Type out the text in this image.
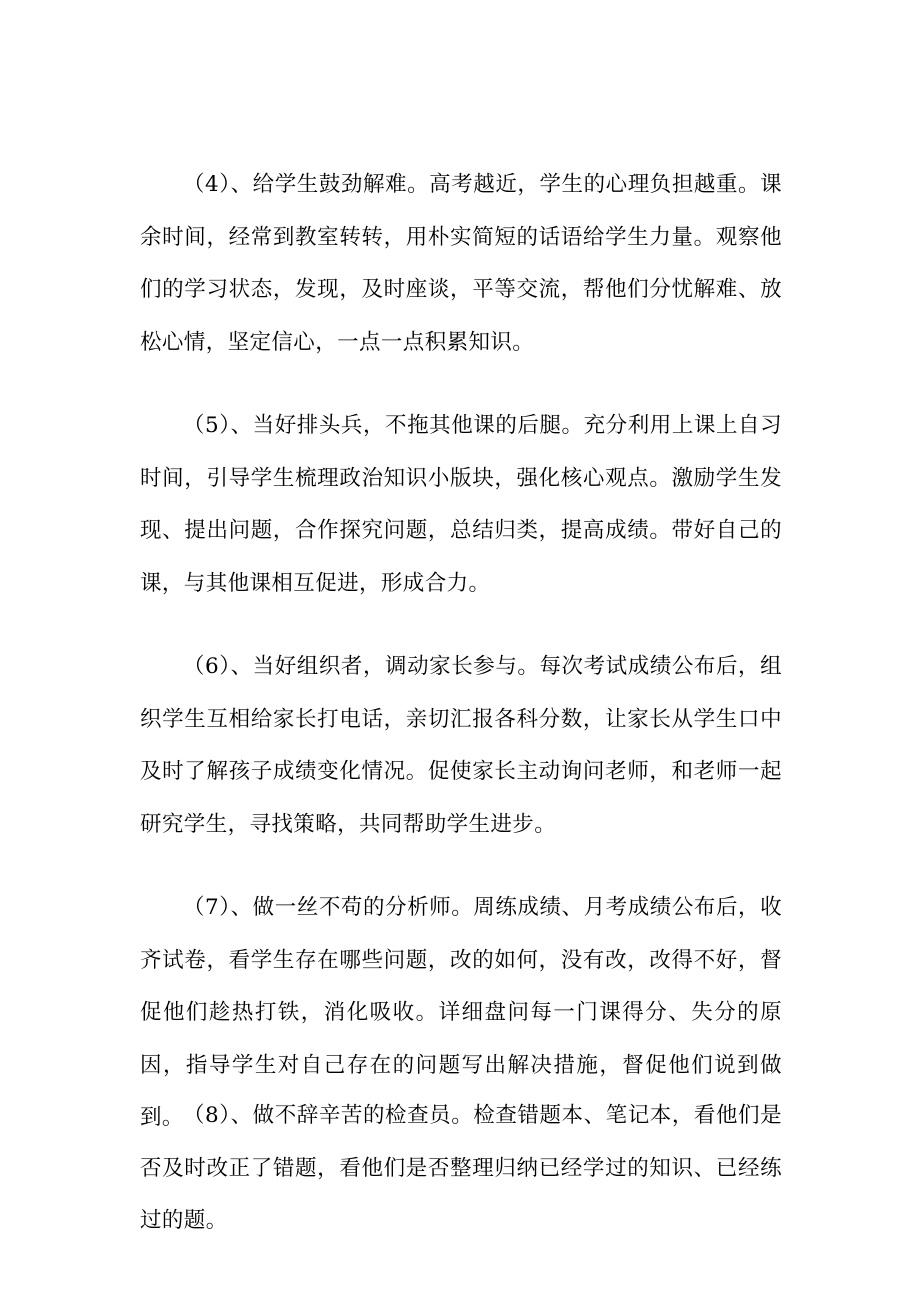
（4）、给学生鼓劲解难。高考越近，学生的心理负担越重。课余时间，经常到教室转转，用朴实简短的话语给学生力量。观察他们的学习状态，发现，及时座谈，平等交流，帮他们分忧解难、放松心情，坚定信心，一点一点积累知识。

（5）、当好排头兵，不拖其他课的后腿。充分利用上课上自习时间，引导学生梳理政治知识小版块，强化核心观点。激励学生发现、提出问题，合作探究问题，总结归类，提高成绩。带好自己的课，与其他课相互促进，形成合力。

（6）、当好组织者，调动家长参与。每次考试成绩公布后，组织学生互相给家长打电话，亲切汇报各科分数，让家长从学生口中及时了解孩子成绩变化情况。促使家长主动询问老师，和老师一起研究学生，寻找策略，共同帮助学生进步。

（7）、做一丝不苟的分析师。周练成绩、月考成绩公布后，收齐试卷，看学生存在哪些问题，改的如何，没有改，改得不好，督促他们趁热打铁，消化吸收。详细盘问每一门课得分、失分的原因，指导学生对自己存在的问题写出解决措施，督促他们说到做到。 （8）、做不辞辛苦的检查员。检查错题本、笔记本，看他们是否及时改正了错题，看他们是否整理归纳已经学过的知识、已经练过的题。
